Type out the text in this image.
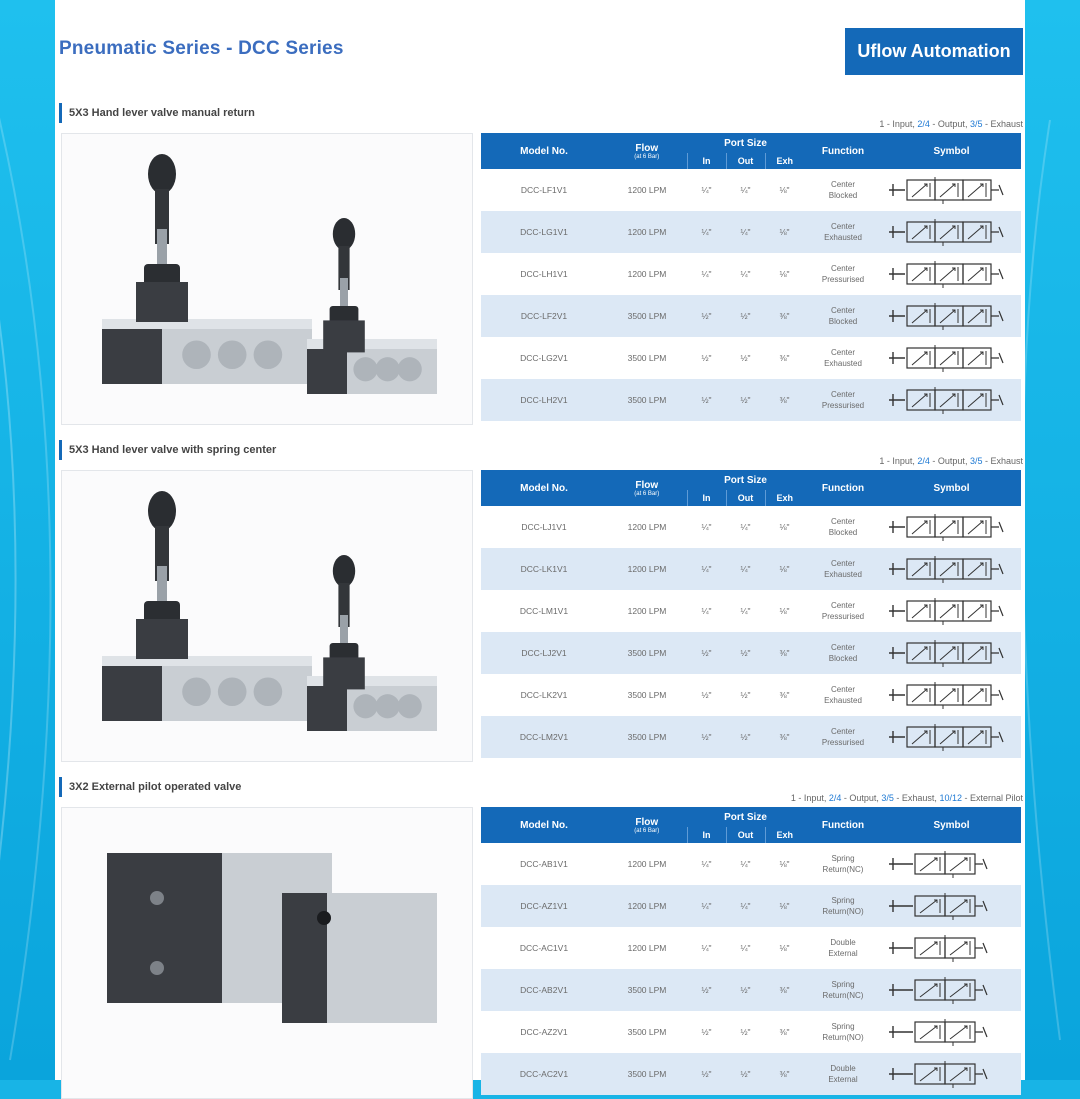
Pneumatic Series - DCC Series	Uflow Automation
5X3 Hand lever valve manual return
1 - Input, 2/4 - Output, 3/5 - Exhaust
Model No.	Flow
(at 6 Bar)	Port Size			Function	Symbol
		In	Out	Exh		
DCC-LF1V1	1200 LPM	¼"	¼"	⅛"	Center
Blocked	

DCC-LG1V1	1200 LPM	¼"	¼"	⅛"	Center
Exhausted	

DCC-LH1V1	1200 LPM	¼"	¼"	⅛"	Center
Pressurised	

DCC-LF2V1	3500 LPM	½"	½"	⅜"	Center
Blocked	

DCC-LG2V1	3500 LPM	½"	½"	⅜"	Center
Exhausted	

DCC-LH2V1	3500 LPM	½"	½"	⅜"	Center
Pressurised	
5X3 Hand lever valve with spring center
1 - Input, 2/4 - Output, 3/5 - Exhaust
Model No.	Flow
(at 6 Bar)	Port Size			Function	Symbol
		In	Out	Exh		
DCC-LJ1V1	1200 LPM	¼"	¼"	⅛"	Center
Blocked	

DCC-LK1V1	1200 LPM	¼"	¼"	⅛"	Center
Exhausted	

DCC-LM1V1	1200 LPM	¼"	¼"	⅛"	Center
Pressurised	

DCC-LJ2V1	3500 LPM	½"	½"	⅜"	Center
Blocked	

DCC-LK2V1	3500 LPM	½"	½"	⅜"	Center
Exhausted	

DCC-LM2V1	3500 LPM	½"	½"	⅜"	Center
Pressurised	
3X2 External pilot operated valve
1 - Input, 2/4 - Output, 3/5 - Exhaust, 10/12 - External Pilot
Model No.	Flow
(at 6 Bar)	Port Size			Function	Symbol
		In	Out	Exh		
DCC-AB1V1	1200 LPM	¼"	¼"	⅛"	Spring
Return(NC)	

DCC-AZ1V1	1200 LPM	¼"	¼"	⅛"	Spring
Return(NO)	

DCC-AC1V1	1200 LPM	¼"	¼"	⅛"	Double
External	

DCC-AB2V1	3500 LPM	½"	½"	⅜"	Spring
Return(NC)	

DCC-AZ2V1	3500 LPM	½"	½"	⅜"	Spring
Return(NO)	

DCC-AC2V1	3500 LPM	½"	½"	⅜"	Double
External	
